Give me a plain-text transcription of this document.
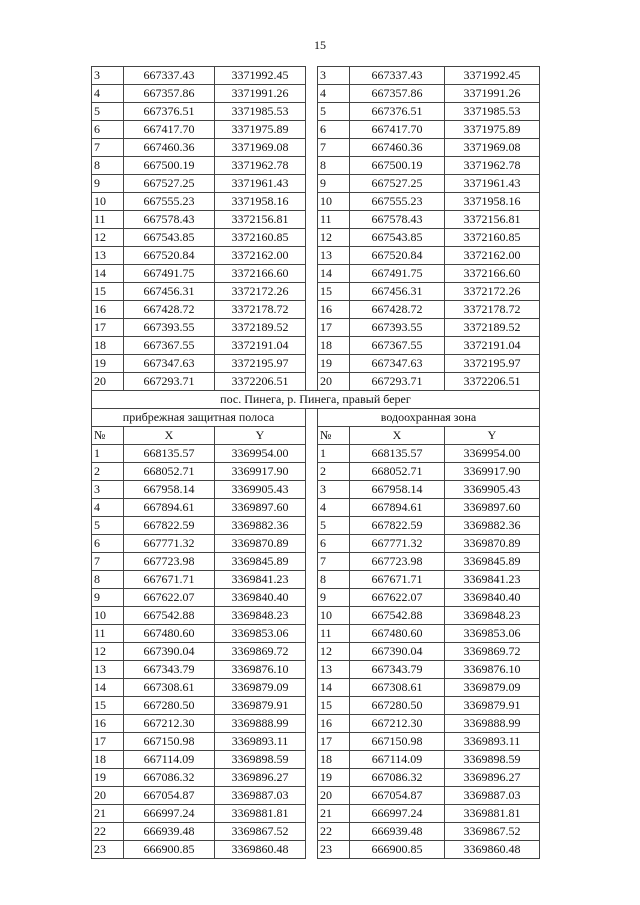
15
3	667337.43	3371992.45		3	667337.43	3371992.45
4	667357.86	3371991.26		4	667357.86	3371991.26
5	667376.51	3371985.53		5	667376.51	3371985.53
6	667417.70	3371975.89		6	667417.70	3371975.89
7	667460.36	3371969.08		7	667460.36	3371969.08
8	667500.19	3371962.78		8	667500.19	3371962.78
9	667527.25	3371961.43		9	667527.25	3371961.43
10	667555.23	3371958.16		10	667555.23	3371958.16
11	667578.43	3372156.81		11	667578.43	3372156.81
12	667543.85	3372160.85		12	667543.85	3372160.85
13	667520.84	3372162.00		13	667520.84	3372162.00
14	667491.75	3372166.60		14	667491.75	3372166.60
15	667456.31	3372172.26		15	667456.31	3372172.26
16	667428.72	3372178.72		16	667428.72	3372178.72
17	667393.55	3372189.52		17	667393.55	3372189.52
18	667367.55	3372191.04		18	667367.55	3372191.04
19	667347.63	3372195.97		19	667347.63	3372195.97
20	667293.71	3372206.51		20	667293.71	3372206.51
пос. Пинега, р. Пинега, правый берег						
прибрежная защитная полоса				водоохранная зона		
№	X	Y		№	X	Y
1	668135.57	3369954.00		1	668135.57	3369954.00
2	668052.71	3369917.90		2	668052.71	3369917.90
3	667958.14	3369905.43		3	667958.14	3369905.43
4	667894.61	3369897.60		4	667894.61	3369897.60
5	667822.59	3369882.36		5	667822.59	3369882.36
6	667771.32	3369870.89		6	667771.32	3369870.89
7	667723.98	3369845.89		7	667723.98	3369845.89
8	667671.71	3369841.23		8	667671.71	3369841.23
9	667622.07	3369840.40		9	667622.07	3369840.40
10	667542.88	3369848.23		10	667542.88	3369848.23
11	667480.60	3369853.06		11	667480.60	3369853.06
12	667390.04	3369869.72		12	667390.04	3369869.72
13	667343.79	3369876.10		13	667343.79	3369876.10
14	667308.61	3369879.09		14	667308.61	3369879.09
15	667280.50	3369879.91		15	667280.50	3369879.91
16	667212.30	3369888.99		16	667212.30	3369888.99
17	667150.98	3369893.11		17	667150.98	3369893.11
18	667114.09	3369898.59		18	667114.09	3369898.59
19	667086.32	3369896.27		19	667086.32	3369896.27
20	667054.87	3369887.03		20	667054.87	3369887.03
21	666997.24	3369881.81		21	666997.24	3369881.81
22	666939.48	3369867.52		22	666939.48	3369867.52
23	666900.85	3369860.48		23	666900.85	3369860.48
